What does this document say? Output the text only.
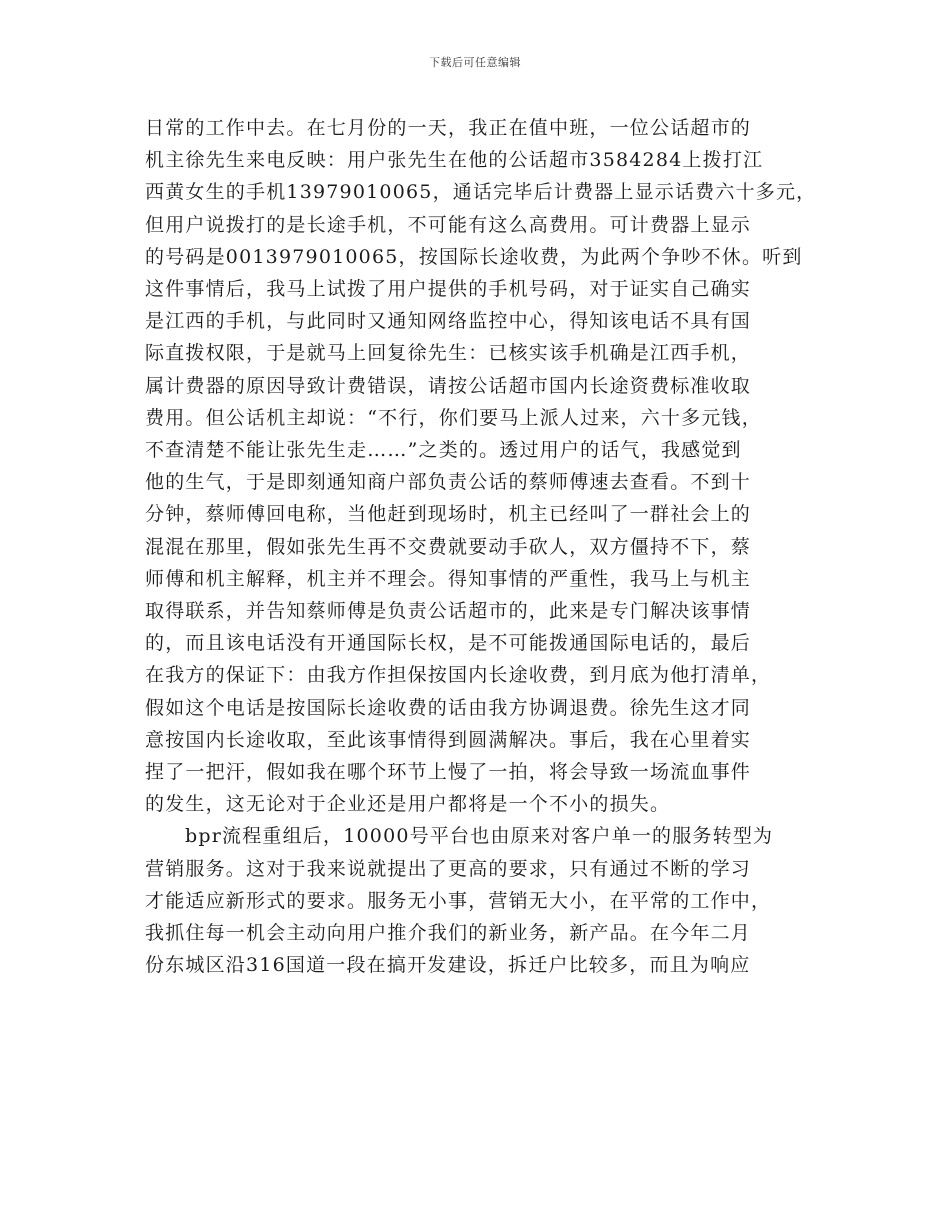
下载后可任意编辑
日常的工作中去。在七月份的一天，我正在值中班，一位公话超市的
机主徐先生来电反映：用户张先生在他的公话超市3584284上拨打江
西黄女生的手机13979010065，通话完毕后计费器上显示话费六十多元，
但用户说拨打的是长途手机，不可能有这么高费用。可计费器上显示
的号码是0013979010065，按国际长途收费，为此两个争吵不休。听到
这件事情后，我马上试拨了用户提供的手机号码，对于证实自己确实
是江西的手机，与此同时又通知网络监控中心，得知该电话不具有国
际直拨权限，于是就马上回复徐先生：已核实该手机确是江西手机，
属计费器的原因导致计费错误，请按公话超市国内长途资费标准收取
费用。但公话机主却说：“不行，你们要马上派人过来，六十多元钱，
不查清楚不能让张先生走……”之类的。透过用户的话气，我感觉到
他的生气，于是即刻通知商户部负责公话的蔡师傅速去查看。不到十
分钟，蔡师傅回电称，当他赶到现场时，机主已经叫了一群社会上的
混混在那里，假如张先生再不交费就要动手砍人，双方僵持不下，蔡
师傅和机主解释，机主并不理会。得知事情的严重性，我马上与机主
取得联系，并告知蔡师傅是负责公话超市的，此来是专门解决该事情
的，而且该电话没有开通国际长权，是不可能拨通国际电话的，最后
在我方的保证下：由我方作担保按国内长途收费，到月底为他打清单，
假如这个电话是按国际长途收费的话由我方协调退费。徐先生这才同
意按国内长途收取，至此该事情得到圆满解决。事后，我在心里着实
捏了一把汗，假如我在哪个环节上慢了一拍，将会导致一场流血事件
的发生，这无论对于企业还是用户都将是一个不小的损失。
bpr流程重组后，10000号平台也由原来对客户单一的服务转型为
营销服务。这对于我来说就提出了更高的要求，只有通过不断的学习
才能适应新形式的要求。服务无小事，营销无大小，在平常的工作中，
我抓住每一机会主动向用户推介我们的新业务，新产品。在今年二月
份东城区沿316国道一段在搞开发建设，拆迁户比较多，而且为响应
